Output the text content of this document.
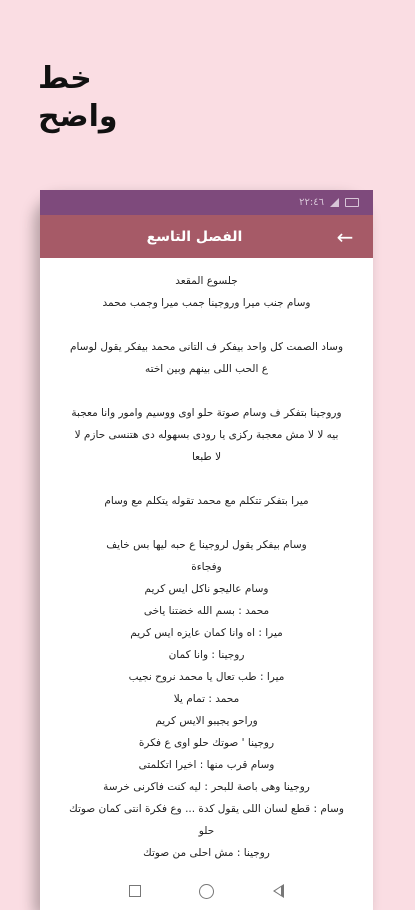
خط
واضح
٢٢:٤٦
الفصل التاسع	←

جلسوع المقعد

وسام جنب ميرا وروجينا جمب ميرا وجمب محمد

وساد الصمت كل واحد بيفكر ف التانى محمد بيفكر يقول لوسام

ع الحب اللى بينهم وبين اخته

وروجينا بتفكر ف وسام صوتة حلو اوى ووسيم وامور وانا معجبة

بيه لا لا مش معجبة ركزى يا رودى بسهوله دى هتنسى حازم لا

لا طبعا

ميرا بتفكر تتكلم مع محمد تقوله يتكلم مع وسام

وسام بيفكر يقول لروجينا ع حبه ليها بس خايف

وفجاءة

وسام عاليجو ناكل ايس كريم

محمد : بسم الله خضتنا ياخى

ميرا : اه وانا كمان عايزه ايس كريم

روجينا : وانا كمان

ميرا : طب تعال يا محمد نروح نجيب

محمد : تمام يلا

وراحو يجيبو الايس كريم

روجينا ' صوتك حلو اوى ع فكرة

وسام قرب منها : اخيرا اتكلمتى

روجينا وهى باصة للبحر : ليه كنت فاكرنى خرسة

وسام : قطع لسان اللى يقول كدة ... وع فكرة انتى كمان صوتك

حلو

روجينا : مش احلى من صوتك
